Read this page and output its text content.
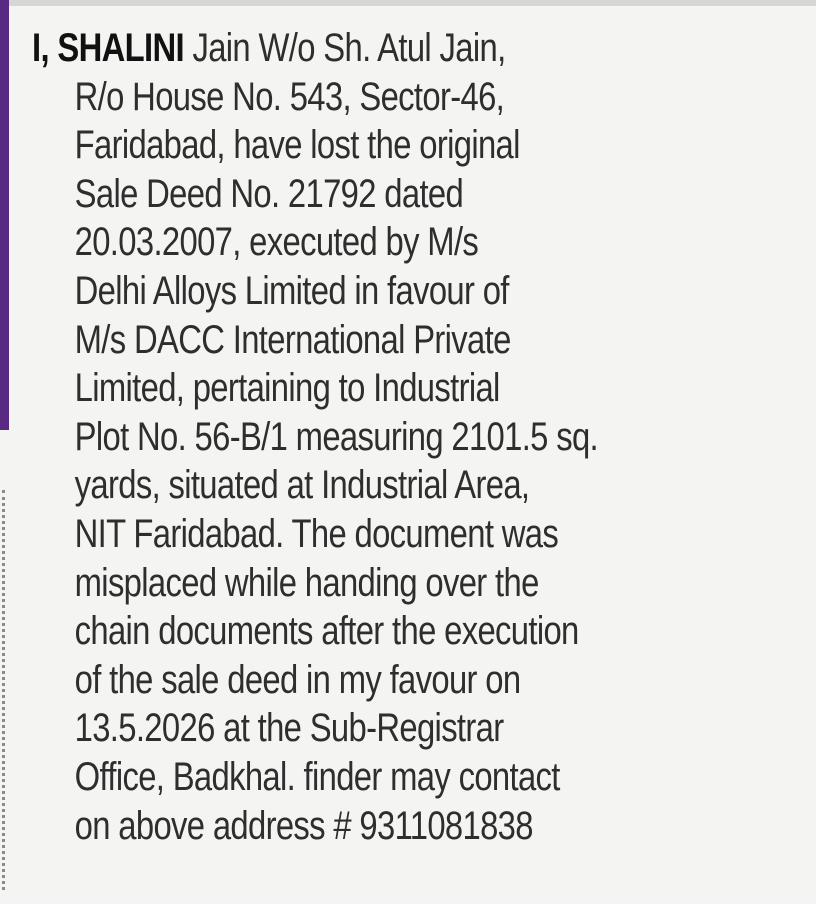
I, SHALINI Jain W/o Sh. Atul Jain,
R/o House No. 543, Sector-46,
Faridabad, have lost the original
Sale Deed No. 21792 dated
20.03.2007, executed by M/s
Delhi Alloys Limited in favour of
M/s DACC International Private
Limited, pertaining to Industrial
Plot No. 56-B/1 measuring 2101.5 sq.
yards, situated at Industrial Area,
NIT Faridabad. The document was
misplaced while handing over the
chain documents after the execution
of the sale deed in my favour on
13.5.2026 at the Sub-Registrar
Office, Badkhal. finder may contact
on above address # 9311081838
